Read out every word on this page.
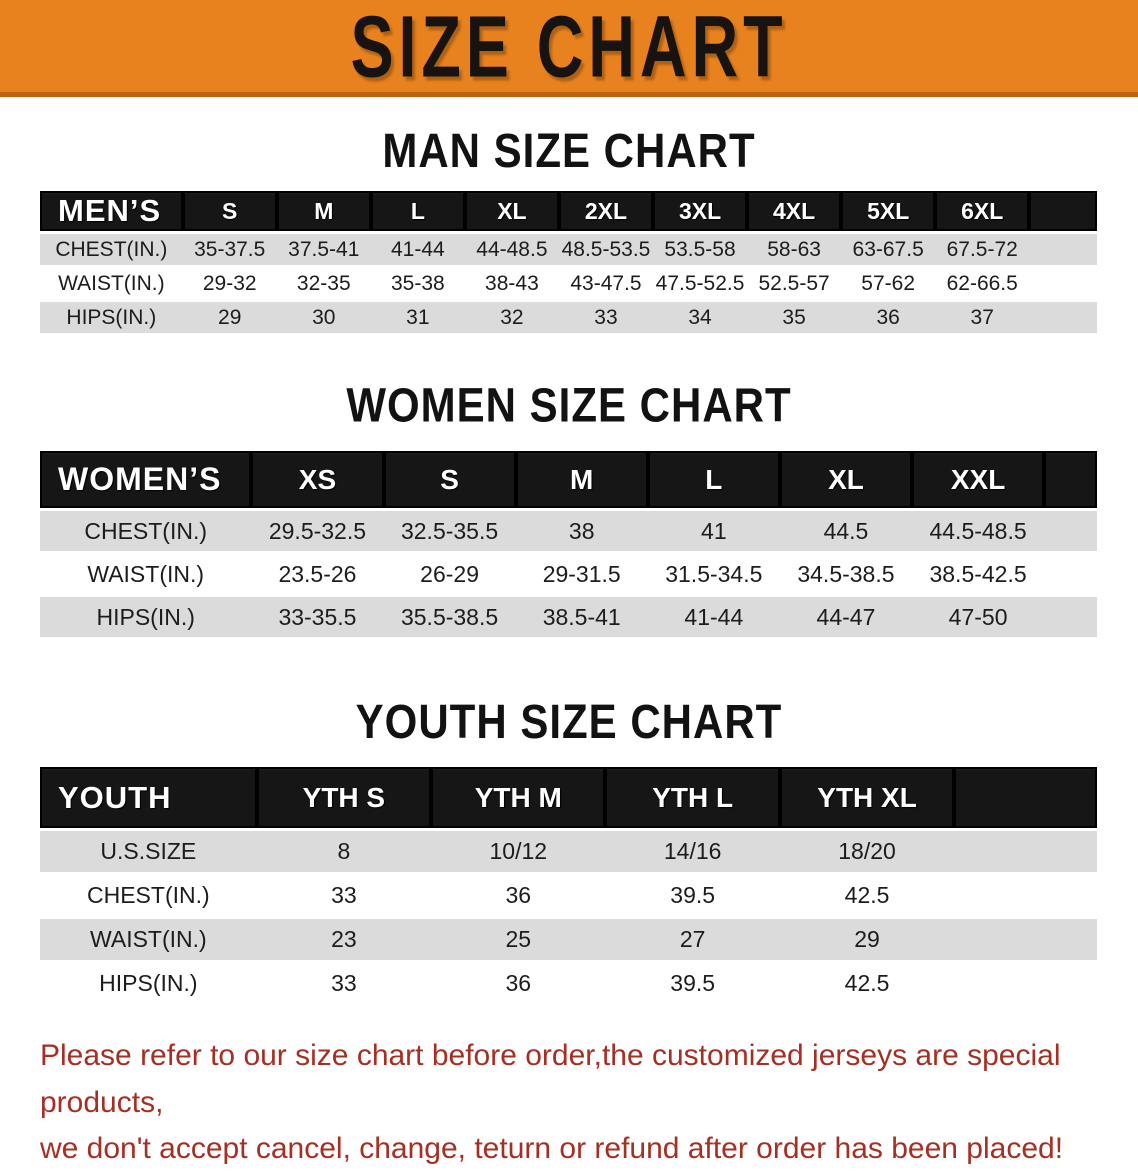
SIZE CHART
MAN SIZE CHART
MEN’S	S	M	L	XL	2XL	3XL	4XL	5XL	6XL	
CHEST(IN.)	35-37.5	37.5-41	41-44	44-48.5	48.5-53.5	53.5-58	58-63	63-67.5	67.5-72	
WAIST(IN.)	29-32	32-35	35-38	38-43	43-47.5	47.5-52.5	52.5-57	57-62	62-66.5	
HIPS(IN.)	29	30	31	32	33	34	35	36	37	
WOMEN SIZE CHART
WOMEN’S	XS	S	M	L	XL	XXL	
CHEST(IN.)	29.5-32.5	32.5-35.5	38	41	44.5	44.5-48.5	
WAIST(IN.)	23.5-26	26-29	29-31.5	31.5-34.5	34.5-38.5	38.5-42.5	
HIPS(IN.)	33-35.5	35.5-38.5	38.5-41	41-44	44-47	47-50	
YOUTH SIZE CHART
YOUTH	YTH S	YTH M	YTH L	YTH XL	
U.S.SIZE	8	10/12	14/16	18/20	
CHEST(IN.)	33	36	39.5	42.5	
WAIST(IN.)	23	25	27	29	
HIPS(IN.)	33	36	39.5	42.5	

Please refer to our size chart before order,the customized jerseys are special products,

we don't accept cancel, change, teturn or refund after order has been placed!
